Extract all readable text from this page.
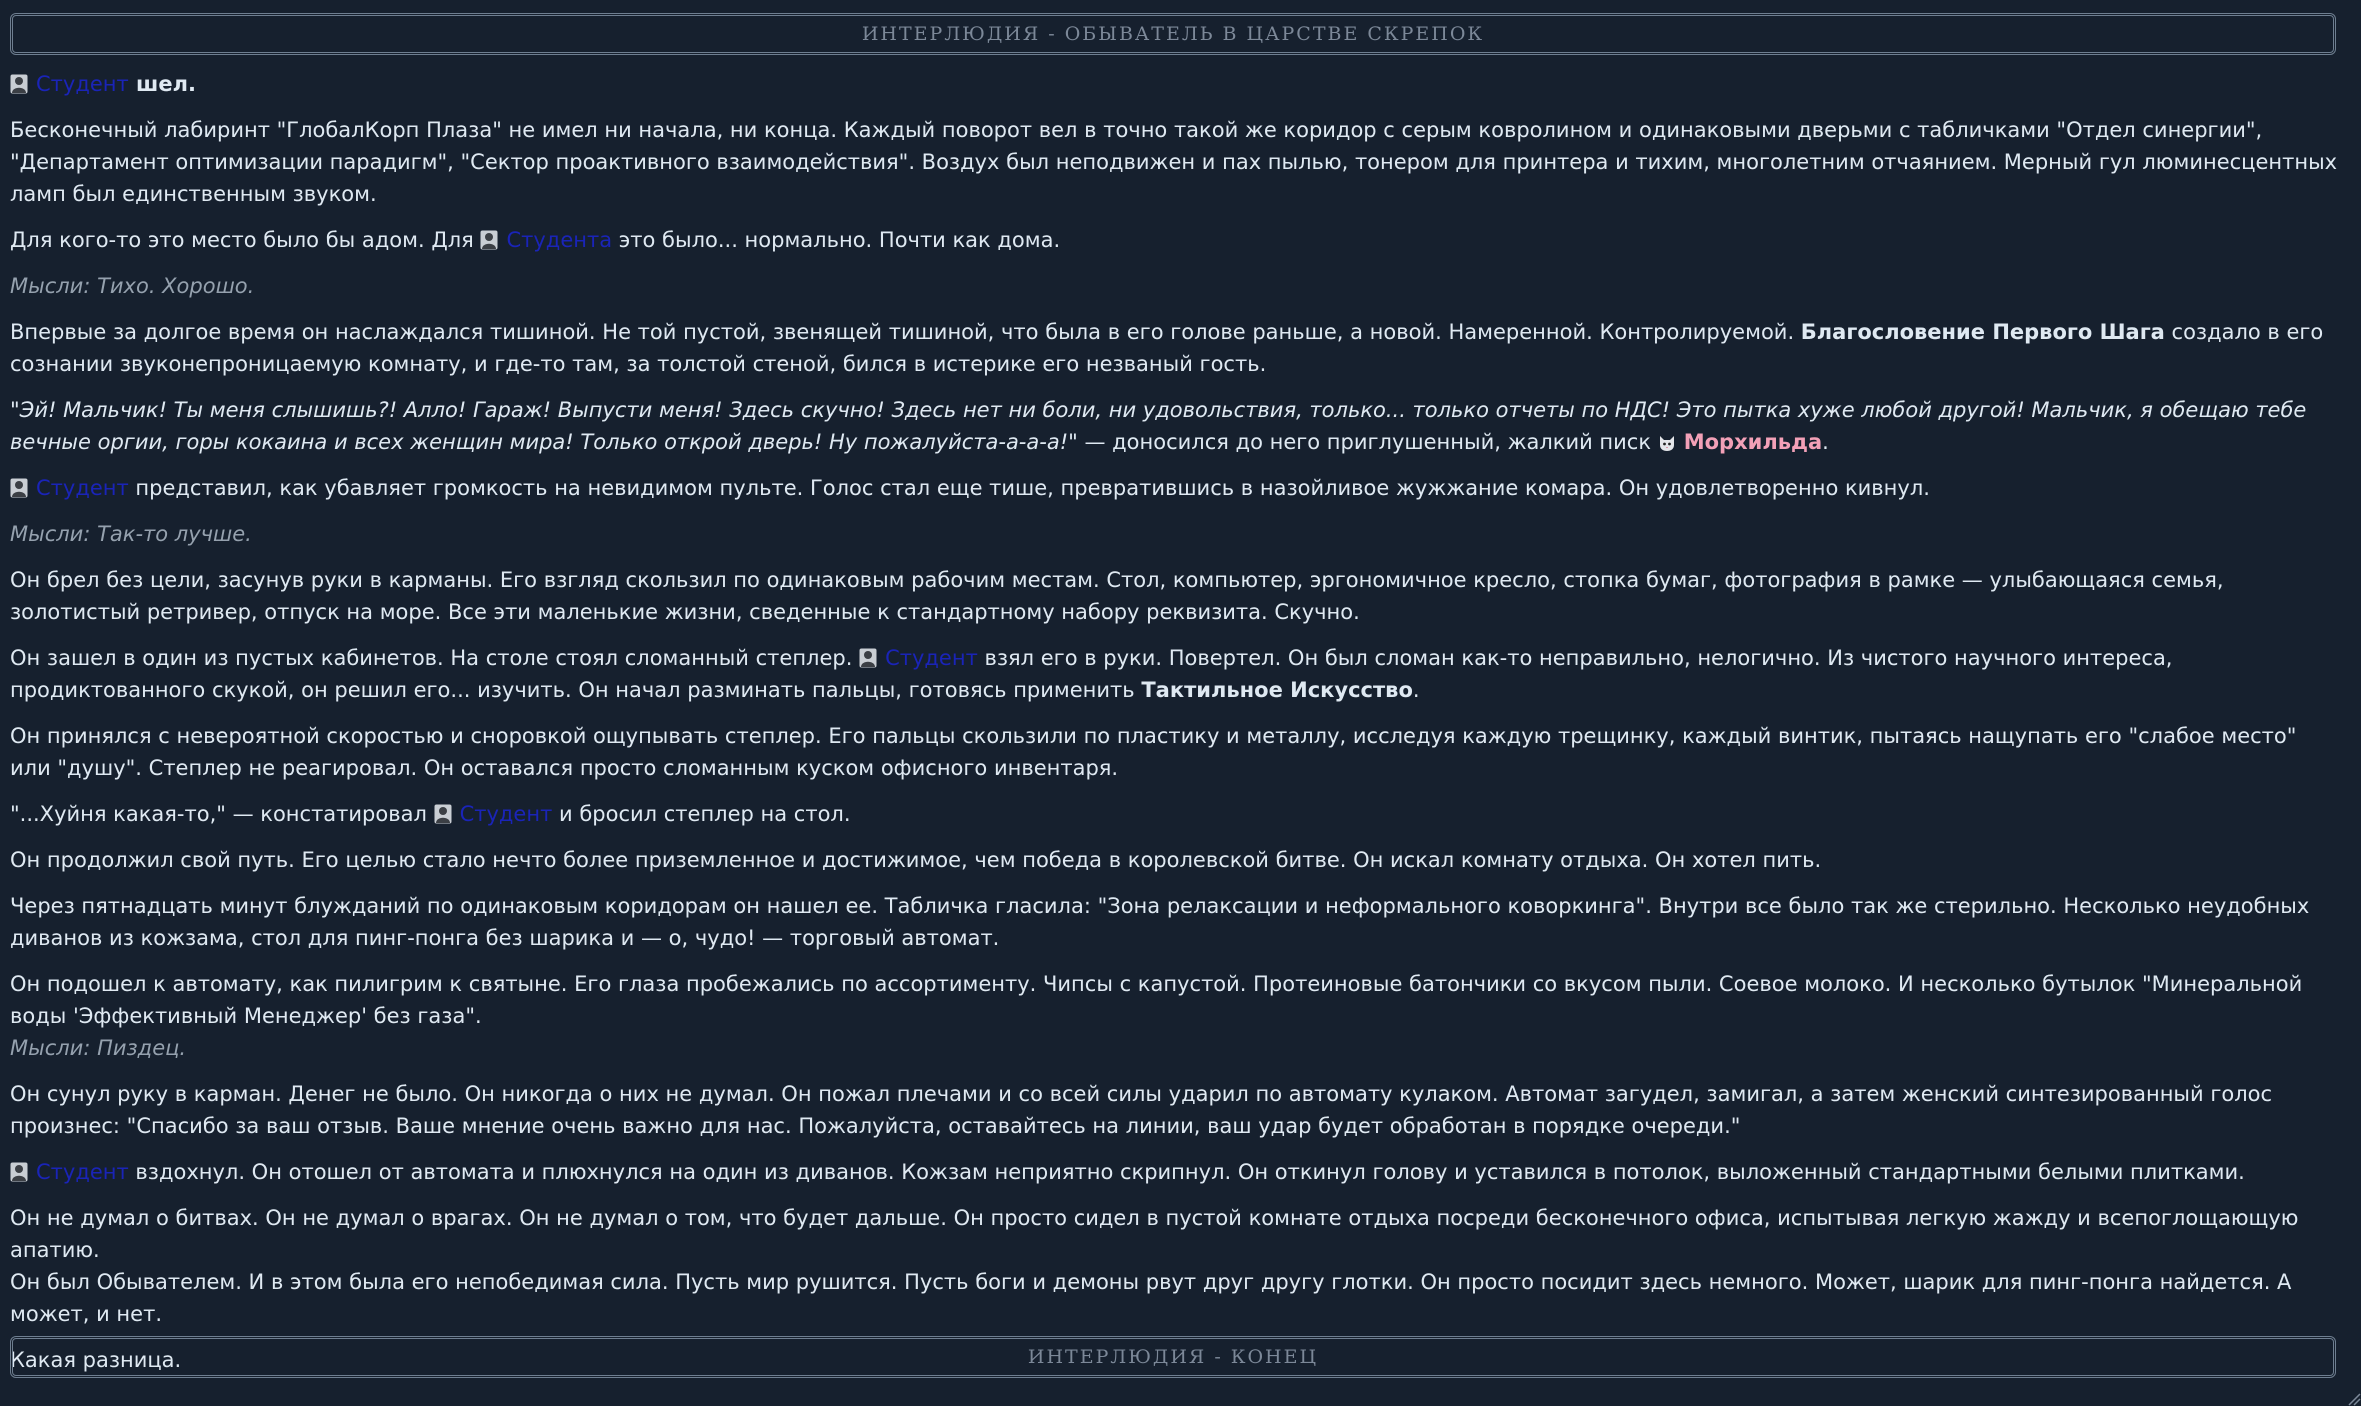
ИНТЕРЛЮДИЯ - ОБЫВАТЕЛЬ В ЦАРСТВЕ СКРЕПОК

Студент шел.

Бесконечный лабиринт "ГлобалКорп Плаза" не имел ни начала, ни конца. Каждый поворот вел в точно такой же коридор с серым ковролином и одинаковыми дверьми с табличками "Отдел синергии", "Департамент оптимизации парадигм", "Сектор проактивного взаимодействия". Воздух был неподвижен и пах пылью, тонером для принтера и тихим, многолетним отчаянием. Мерный гул люминесцентных ламп был единственным звуком.

Для кого-то это место было бы адом. Для Студента это было... нормально. Почти как дома.

Мысли: Тихо. Хорошо.

Впервые за долгое время он наслаждался тишиной. Не той пустой, звенящей тишиной, что была в его голове раньше, а новой. Намеренной. Контролируемой. Благословение Первого Шага создало в его сознании звуконепроницаемую комнату, и где-то там, за толстой стеной, бился в истерике его незваный гость.

"Эй! Мальчик! Ты меня слышишь?! Алло! Гараж! Выпусти меня! Здесь скучно! Здесь нет ни боли, ни удовольствия, только... только отчеты по НДС! Это пытка хуже любой другой! Мальчик, я обещаю тебе вечные оргии, горы кокаина и всех женщин мира! Только открой дверь! Ну пожалуйста-а-а-а!" — доносился до него приглушенный, жалкий писк Морхильда.

Студент представил, как убавляет громкость на невидимом пульте. Голос стал еще тише, превратившись в назойливое жужжание комара. Он удовлетворенно кивнул.

Мысли: Так-то лучше.

Он брел без цели, засунув руки в карманы. Его взгляд скользил по одинаковым рабочим местам. Стол, компьютер, эргономичное кресло, стопка бумаг, фотография в рамке — улыбающаяся семья, золотистый ретривер, отпуск на море. Все эти маленькие жизни, сведенные к стандартному набору реквизита. Скучно.

Он зашел в один из пустых кабинетов. На столе стоял сломанный степлер. Студент взял его в руки. Повертел. Он был сломан как-то неправильно, нелогично. Из чистого научного интереса, продиктованного скукой, он решил его... изучить. Он начал разминать пальцы, готовясь применить Тактильное Искусство.

Он принялся с невероятной скоростью и сноровкой ощупывать степлер. Его пальцы скользили по пластику и металлу, исследуя каждую трещинку, каждый винтик, пытаясь нащупать его "слабое место" или "душу". Степлер не реагировал. Он оставался просто сломанным куском офисного инвентаря.

"...Хуйня какая-то," — констатировал Студент и бросил степлер на стол.

Он продолжил свой путь. Его целью стало нечто более приземленное и достижимое, чем победа в королевской битве. Он искал комнату отдыха. Он хотел пить.

Через пятнадцать минут блужданий по одинаковым коридорам он нашел ее. Табличка гласила: "Зона релаксации и неформального коворкинга". Внутри все было так же стерильно. Несколько неудобных диванов из кожзама, стол для пинг-понга без шарика и — о, чудо! — торговый автомат.

Он подошел к автомату, как пилигрим к святыне. Его глаза пробежались по ассортименту. Чипсы с капустой. Протеиновые батончики со вкусом пыли. Соевое молоко. И несколько бутылок "Минеральной воды 'Эффективный Менеджер' без газа".

Мысли: Пиздец.

Он сунул руку в карман. Денег не было. Он никогда о них не думал. Он пожал плечами и со всей силы ударил по автомату кулаком. Автомат загудел, замигал, а затем женский синтезированный голос произнес: "Спасибо за ваш отзыв. Ваше мнение очень важно для нас. Пожалуйста, оставайтесь на линии, ваш удар будет обработан в порядке очереди."

Студент вздохнул. Он отошел от автомата и плюхнулся на один из диванов. Кожзам неприятно скрипнул. Он откинул голову и уставился в потолок, выложенный стандартными белыми плитками.

Он не думал о битвах. Он не думал о врагах. Он не думал о том, что будет дальше. Он просто сидел в пустой комнате отдыха посреди бесконечного офиса, испытывая легкую жажду и всепоглощающую апатию.

Он был Обывателем. И в этом была его непобедимая сила. Пусть мир рушится. Пусть боги и демоны рвут друг другу глотки. Он просто посидит здесь немного. Может, шарик для пинг-понга найдется. А может, и нет.

Какая разница.	ИНТЕРЛЮДИЯ - КОНЕЦ
